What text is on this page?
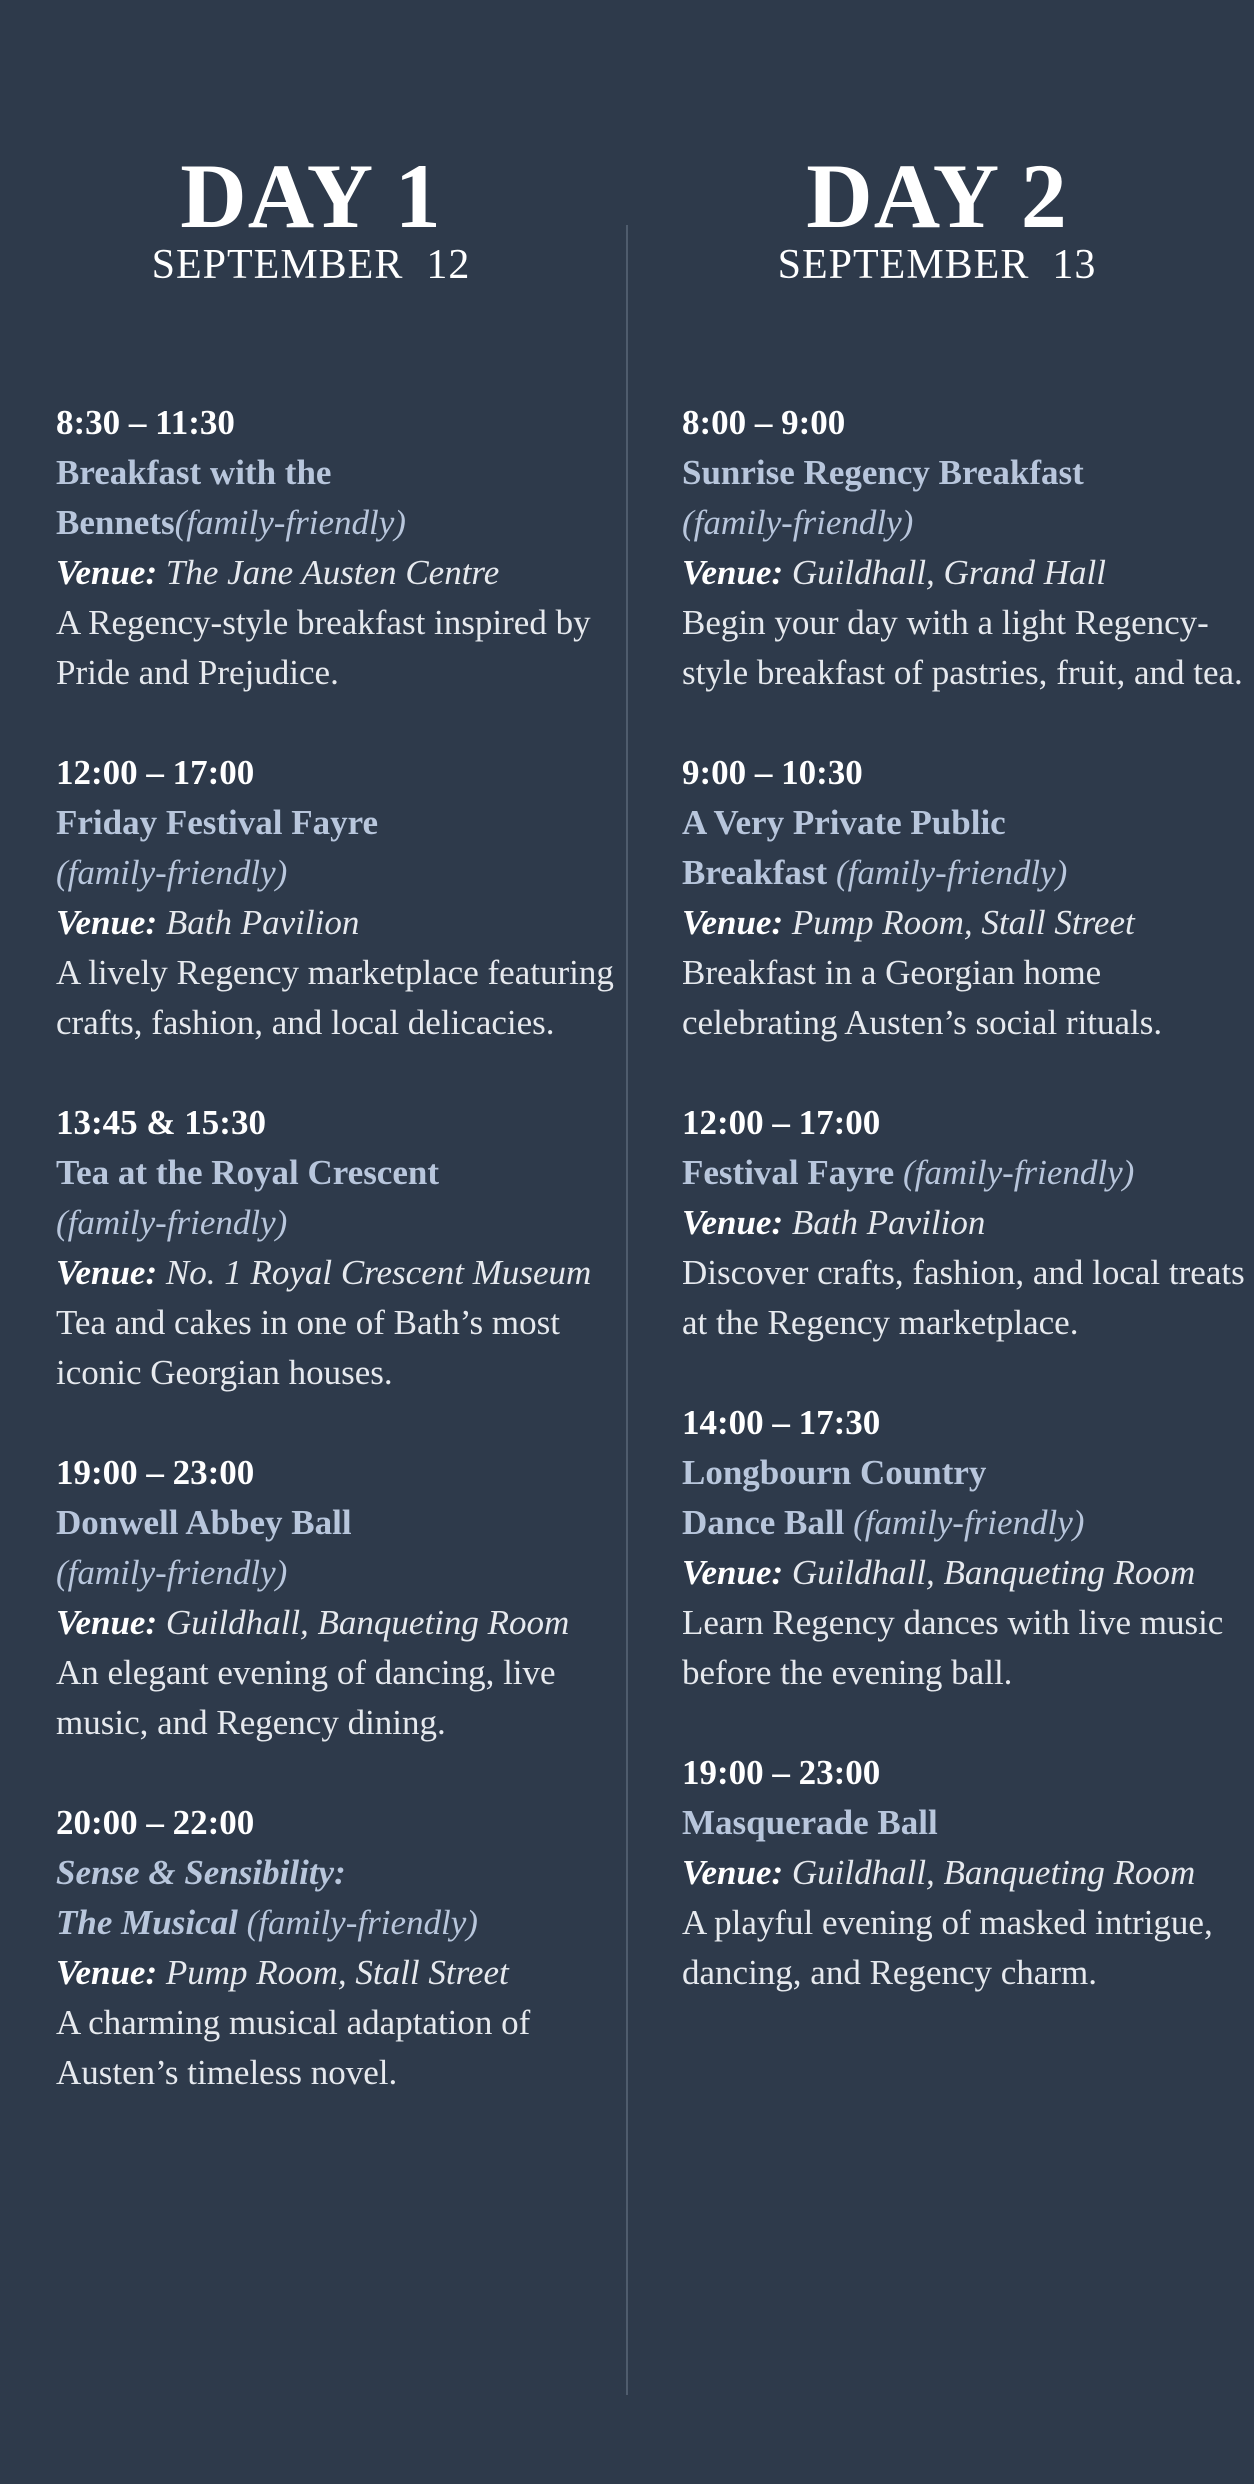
DAY 1
SEPTEMBER  12
8:30 – 11:30
Breakfast with the
Bennets(family-friendly)
Venue: The Jane Austen Centre
A Regency-style breakfast inspired by Pride and Prejudice.
12:00 – 17:00
Friday Festival Fayre
(family-friendly)
Venue: Bath Pavilion
A lively Regency marketplace featuring crafts, fashion, and local delicacies.
13:45 & 15:30
Tea at the Royal Crescent
(family-friendly)
Venue: No. 1 Royal Crescent Museum
Tea and cakes in one of Bath’s most iconic Georgian houses.
19:00 – 23:00
Donwell Abbey Ball
(family-friendly)
Venue: Guildhall, Banqueting Room
An elegant evening of dancing, live music, and Regency dining.
20:00 – 22:00
Sense & Sensibility:
The Musical (family-friendly)
Venue: Pump Room, Stall Street
A charming musical adaptation of Austen’s timeless novel.
DAY 2
SEPTEMBER  13
8:00 – 9:00
Sunrise Regency Breakfast
(family-friendly)
Venue: Guildhall, Grand Hall
Begin your day with a light Regency-style breakfast of pastries, fruit, and tea.
9:00 – 10:30
A Very Private Public
Breakfast (family-friendly)
Venue: Pump Room, Stall Street
Breakfast in a Georgian home celebrating Austen’s social rituals.
12:00 – 17:00
Festival Fayre (family-friendly)
Venue: Bath Pavilion
Discover crafts, fashion, and local treats at the Regency marketplace.
14:00 – 17:30
Longbourn Country
Dance Ball (family-friendly)
Venue: Guildhall, Banqueting Room
Learn Regency dances with live music before the evening ball.
19:00 – 23:00
Masquerade Ball
Venue: Guildhall, Banqueting Room
A playful evening of masked intrigue, dancing, and Regency charm.
